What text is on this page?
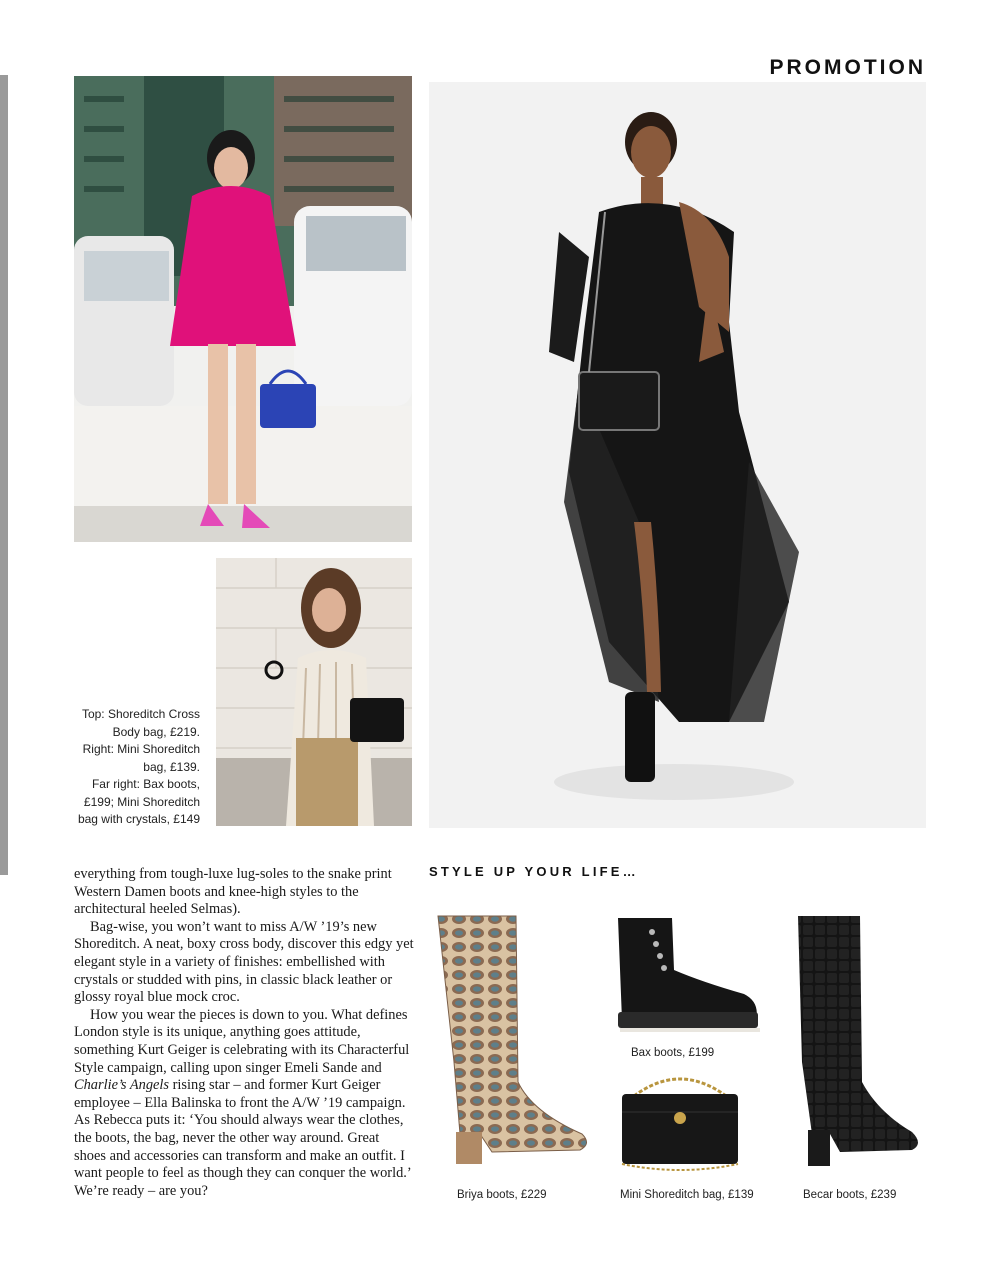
PROMOTION
Top: Shoreditch Cross
Body bag, £219.
Right: Mini Shoreditch
bag, £139.
Far right: Bax boots,
£199; Mini Shoreditch
bag with crystals, £149

everything from tough-luxe lug-soles to the snake print Western Damen boots and knee-high styles to the architectural heeled Selmas).

Bag-wise, you won’t want to miss A/W ’19’s new Shoreditch. A neat, boxy cross body, discover this edgy yet elegant style in a variety of finishes: embellished with crystals or studded with pins, in classic black leather or glossy royal blue mock croc.

How you wear the pieces is down to you. What defines London style is its unique, anything goes attitude, something Kurt Geiger is celebrating with its Characterful Style campaign, calling upon singer Emeli Sande and Charlie’s Angels rising star – and former Kurt Geiger employee – Ella Balinska to front the A/W ’19 campaign. As Rebecca puts it: ‘You should always wear the clothes, the boots, the bag, never the other way around. Great shoes and accessories can transform and make an outfit. I want people to feel as though they can conquer the world.’ We’re ready – are you?

STYLE UP YOUR LIFE…
Briya boots, £229
Bax boots, £199
Mini Shoreditch bag, £139	Becar boots, £239
